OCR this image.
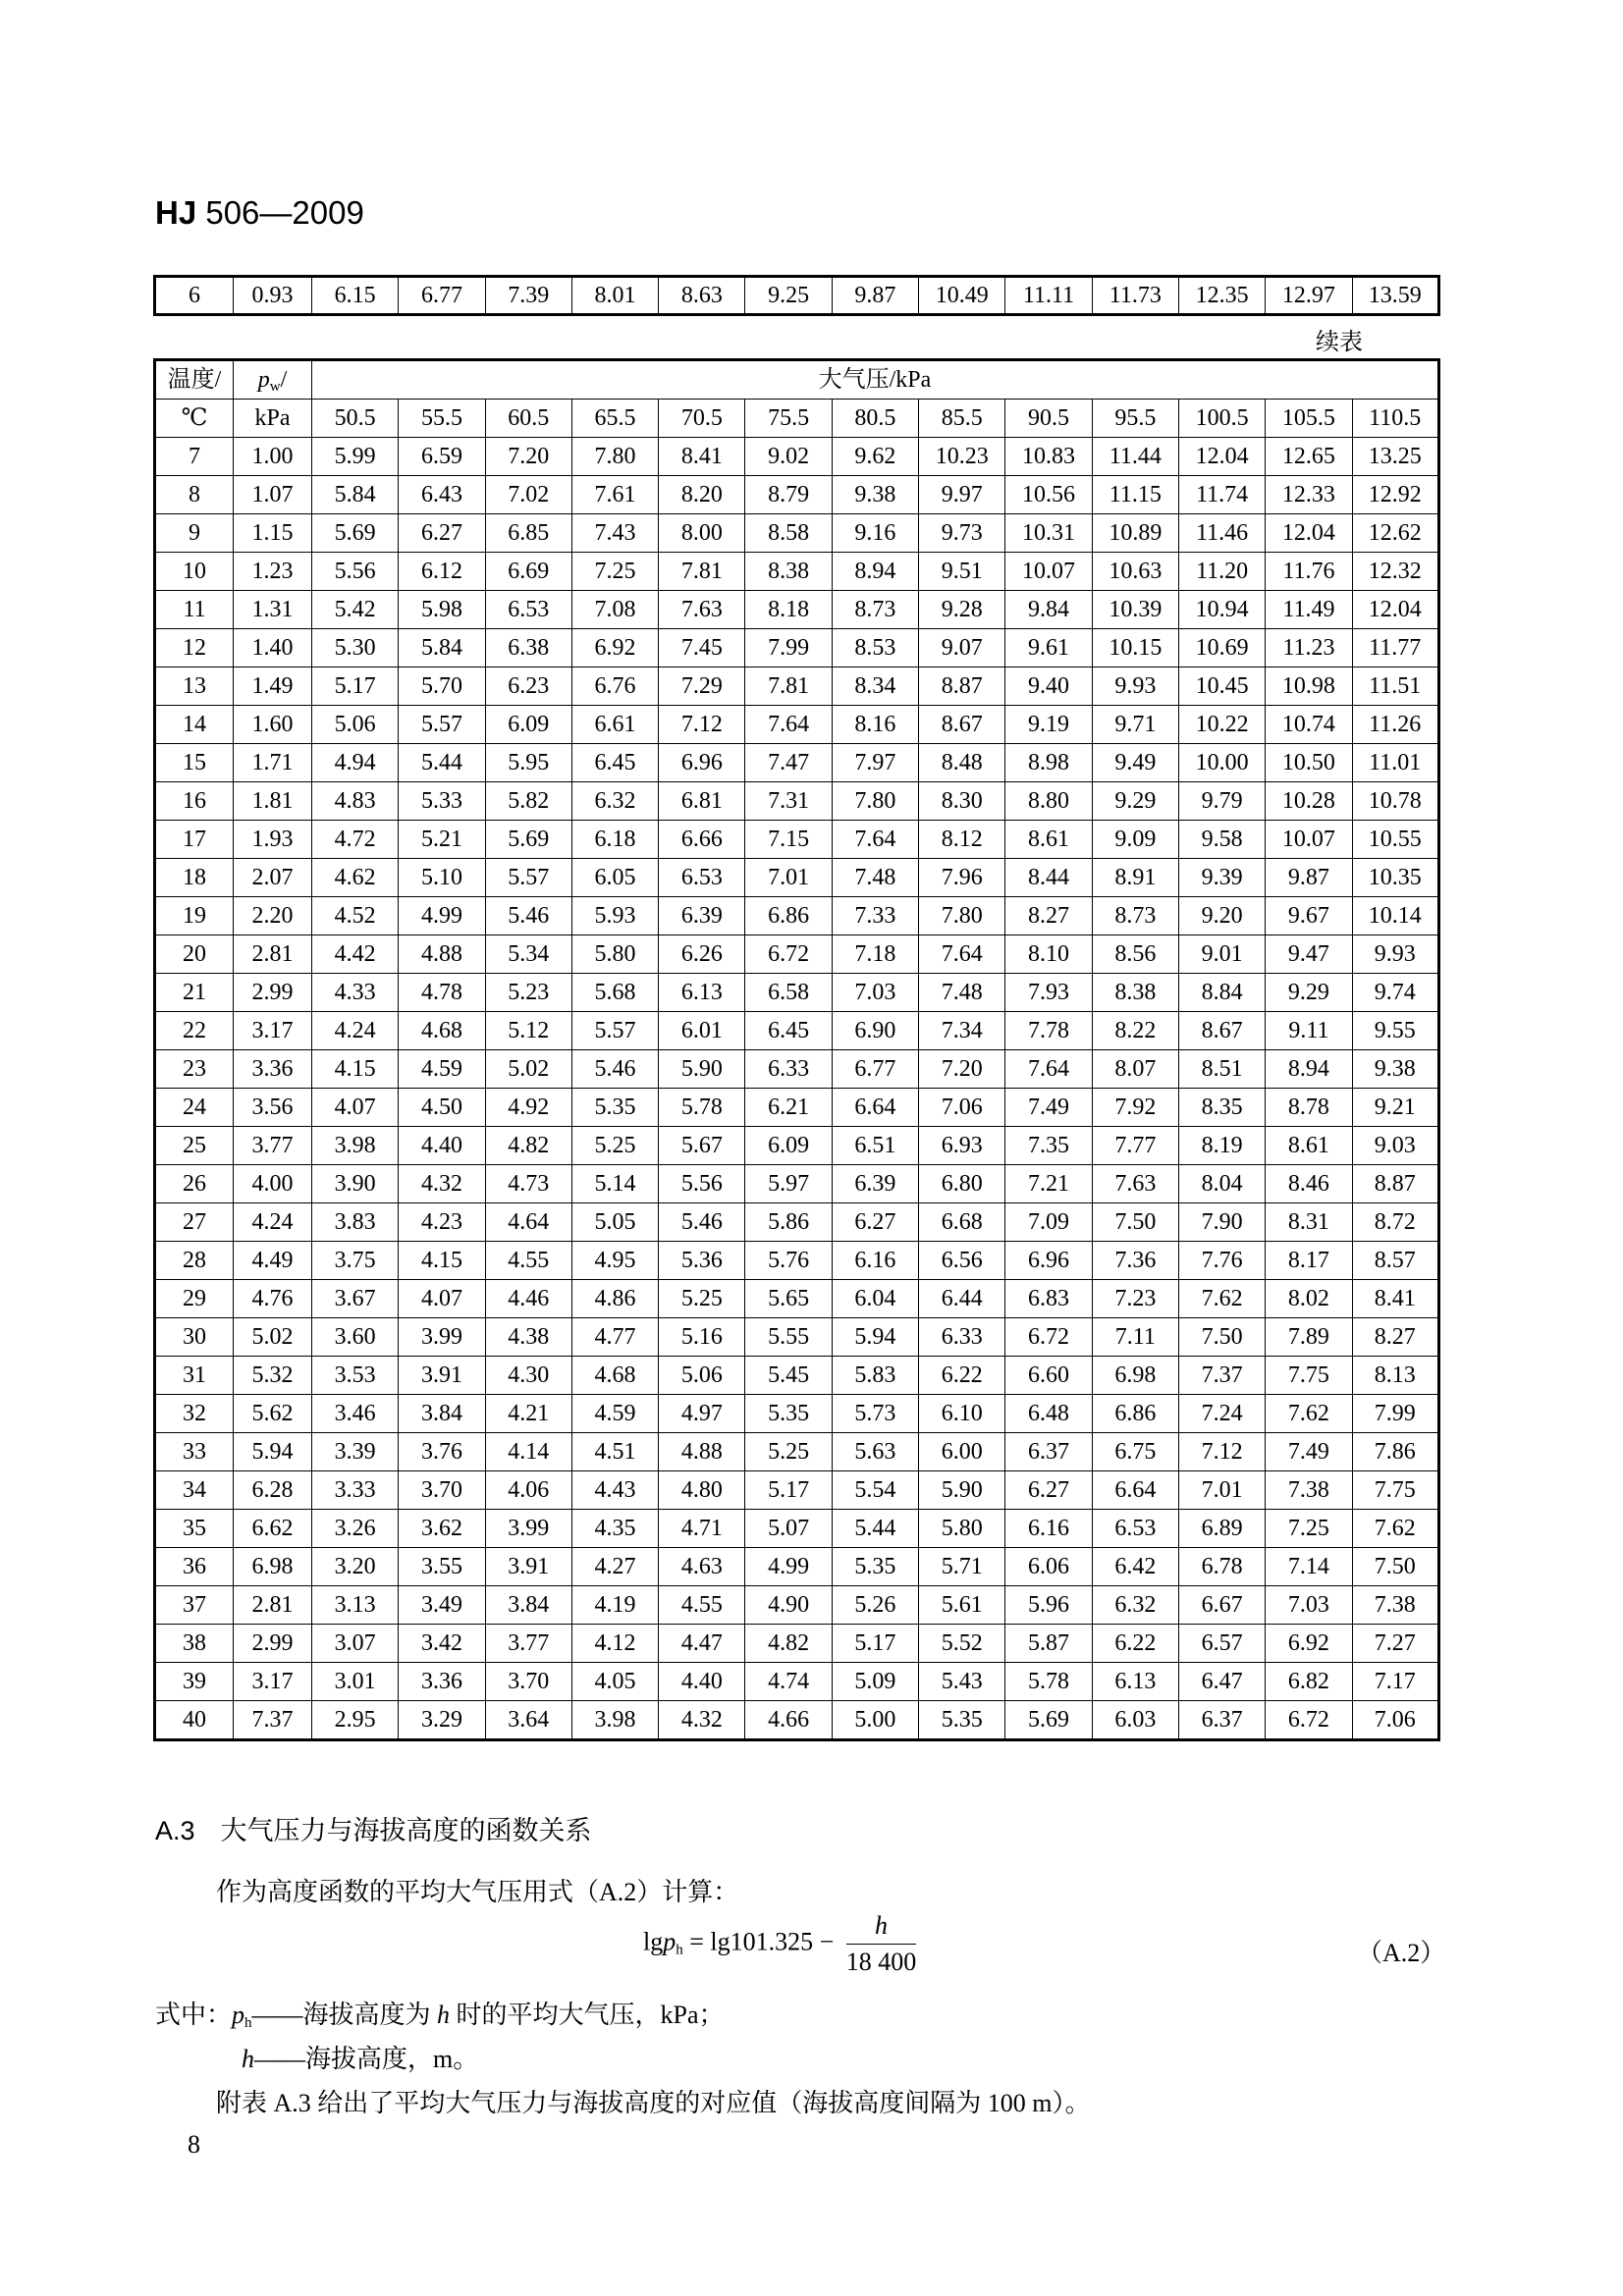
HJ 506—2009
6	0.93	6.15	6.77	7.39	8.01	8.63	9.25	9.87	10.49	11.11	11.73	12.35	12.97	13.59
续表
温度/	$p_w/$	大气压/kPa												
℃	kPa	50.5	55.5	60.5	65.5	70.5	75.5	80.5	85.5	90.5	95.5	100.5	105.5	110.5
7	1.00	5.99	6.59	7.20	7.80	8.41	9.02	9.62	10.23	10.83	11.44	12.04	12.65	13.25
8	1.07	5.84	6.43	7.02	7.61	8.20	8.79	9.38	9.97	10.56	11.15	11.74	12.33	12.92
9	1.15	5.69	6.27	6.85	7.43	8.00	8.58	9.16	9.73	10.31	10.89	11.46	12.04	12.62
10	1.23	5.56	6.12	6.69	7.25	7.81	8.38	8.94	9.51	10.07	10.63	11.20	11.76	12.32
11	1.31	5.42	5.98	6.53	7.08	7.63	8.18	8.73	9.28	9.84	10.39	10.94	11.49	12.04
12	1.40	5.30	5.84	6.38	6.92	7.45	7.99	8.53	9.07	9.61	10.15	10.69	11.23	11.77
13	1.49	5.17	5.70	6.23	6.76	7.29	7.81	8.34	8.87	9.40	9.93	10.45	10.98	11.51
14	1.60	5.06	5.57	6.09	6.61	7.12	7.64	8.16	8.67	9.19	9.71	10.22	10.74	11.26
15	1.71	4.94	5.44	5.95	6.45	6.96	7.47	7.97	8.48	8.98	9.49	10.00	10.50	11.01
16	1.81	4.83	5.33	5.82	6.32	6.81	7.31	7.80	8.30	8.80	9.29	9.79	10.28	10.78
17	1.93	4.72	5.21	5.69	6.18	6.66	7.15	7.64	8.12	8.61	9.09	9.58	10.07	10.55
18	2.07	4.62	5.10	5.57	6.05	6.53	7.01	7.48	7.96	8.44	8.91	9.39	9.87	10.35
19	2.20	4.52	4.99	5.46	5.93	6.39	6.86	7.33	7.80	8.27	8.73	9.20	9.67	10.14
20	2.81	4.42	4.88	5.34	5.80	6.26	6.72	7.18	7.64	8.10	8.56	9.01	9.47	9.93
21	2.99	4.33	4.78	5.23	5.68	6.13	6.58	7.03	7.48	7.93	8.38	8.84	9.29	9.74
22	3.17	4.24	4.68	5.12	5.57	6.01	6.45	6.90	7.34	7.78	8.22	8.67	9.11	9.55
23	3.36	4.15	4.59	5.02	5.46	5.90	6.33	6.77	7.20	7.64	8.07	8.51	8.94	9.38
24	3.56	4.07	4.50	4.92	5.35	5.78	6.21	6.64	7.06	7.49	7.92	8.35	8.78	9.21
25	3.77	3.98	4.40	4.82	5.25	5.67	6.09	6.51	6.93	7.35	7.77	8.19	8.61	9.03
26	4.00	3.90	4.32	4.73	5.14	5.56	5.97	6.39	6.80	7.21	7.63	8.04	8.46	8.87
27	4.24	3.83	4.23	4.64	5.05	5.46	5.86	6.27	6.68	7.09	7.50	7.90	8.31	8.72
28	4.49	3.75	4.15	4.55	4.95	5.36	5.76	6.16	6.56	6.96	7.36	7.76	8.17	8.57
29	4.76	3.67	4.07	4.46	4.86	5.25	5.65	6.04	6.44	6.83	7.23	7.62	8.02	8.41
30	5.02	3.60	3.99	4.38	4.77	5.16	5.55	5.94	6.33	6.72	7.11	7.50	7.89	8.27
31	5.32	3.53	3.91	4.30	4.68	5.06	5.45	5.83	6.22	6.60	6.98	7.37	7.75	8.13
32	5.62	3.46	3.84	4.21	4.59	4.97	5.35	5.73	6.10	6.48	6.86	7.24	7.62	7.99
33	5.94	3.39	3.76	4.14	4.51	4.88	5.25	5.63	6.00	6.37	6.75	7.12	7.49	7.86
34	6.28	3.33	3.70	4.06	4.43	4.80	5.17	5.54	5.90	6.27	6.64	7.01	7.38	7.75
35	6.62	3.26	3.62	3.99	4.35	4.71	5.07	5.44	5.80	6.16	6.53	6.89	7.25	7.62
36	6.98	3.20	3.55	3.91	4.27	4.63	4.99	5.35	5.71	6.06	6.42	6.78	7.14	7.50
37	2.81	3.13	3.49	3.84	4.19	4.55	4.90	5.26	5.61	5.96	6.32	6.67	7.03	7.38
38	2.99	3.07	3.42	3.77	4.12	4.47	4.82	5.17	5.52	5.87	6.22	6.57	6.92	7.27
39	3.17	3.01	3.36	3.70	4.05	4.40	4.74	5.09	5.43	5.78	6.13	6.47	6.82	7.17
40	7.37	2.95	3.29	3.64	3.98	4.32	4.66	5.00	5.35	5.69	6.03	6.37	6.72	7.06
A.3 大气压力与海拔高度的函数关系
作为高度函数的平均大气压用式（A.2）计算：
$\lg p_h = \lg 101.325 - \frac{h}{18 400}$	（A.2）
式中：$p_h——$海拔高度为 h 时的平均大气压，kPa；
h——海拔高度，m。
附表 A.3 给出了平均大气压力与海拔高度的对应值（海拔高度间隔为 100 m）。
8
